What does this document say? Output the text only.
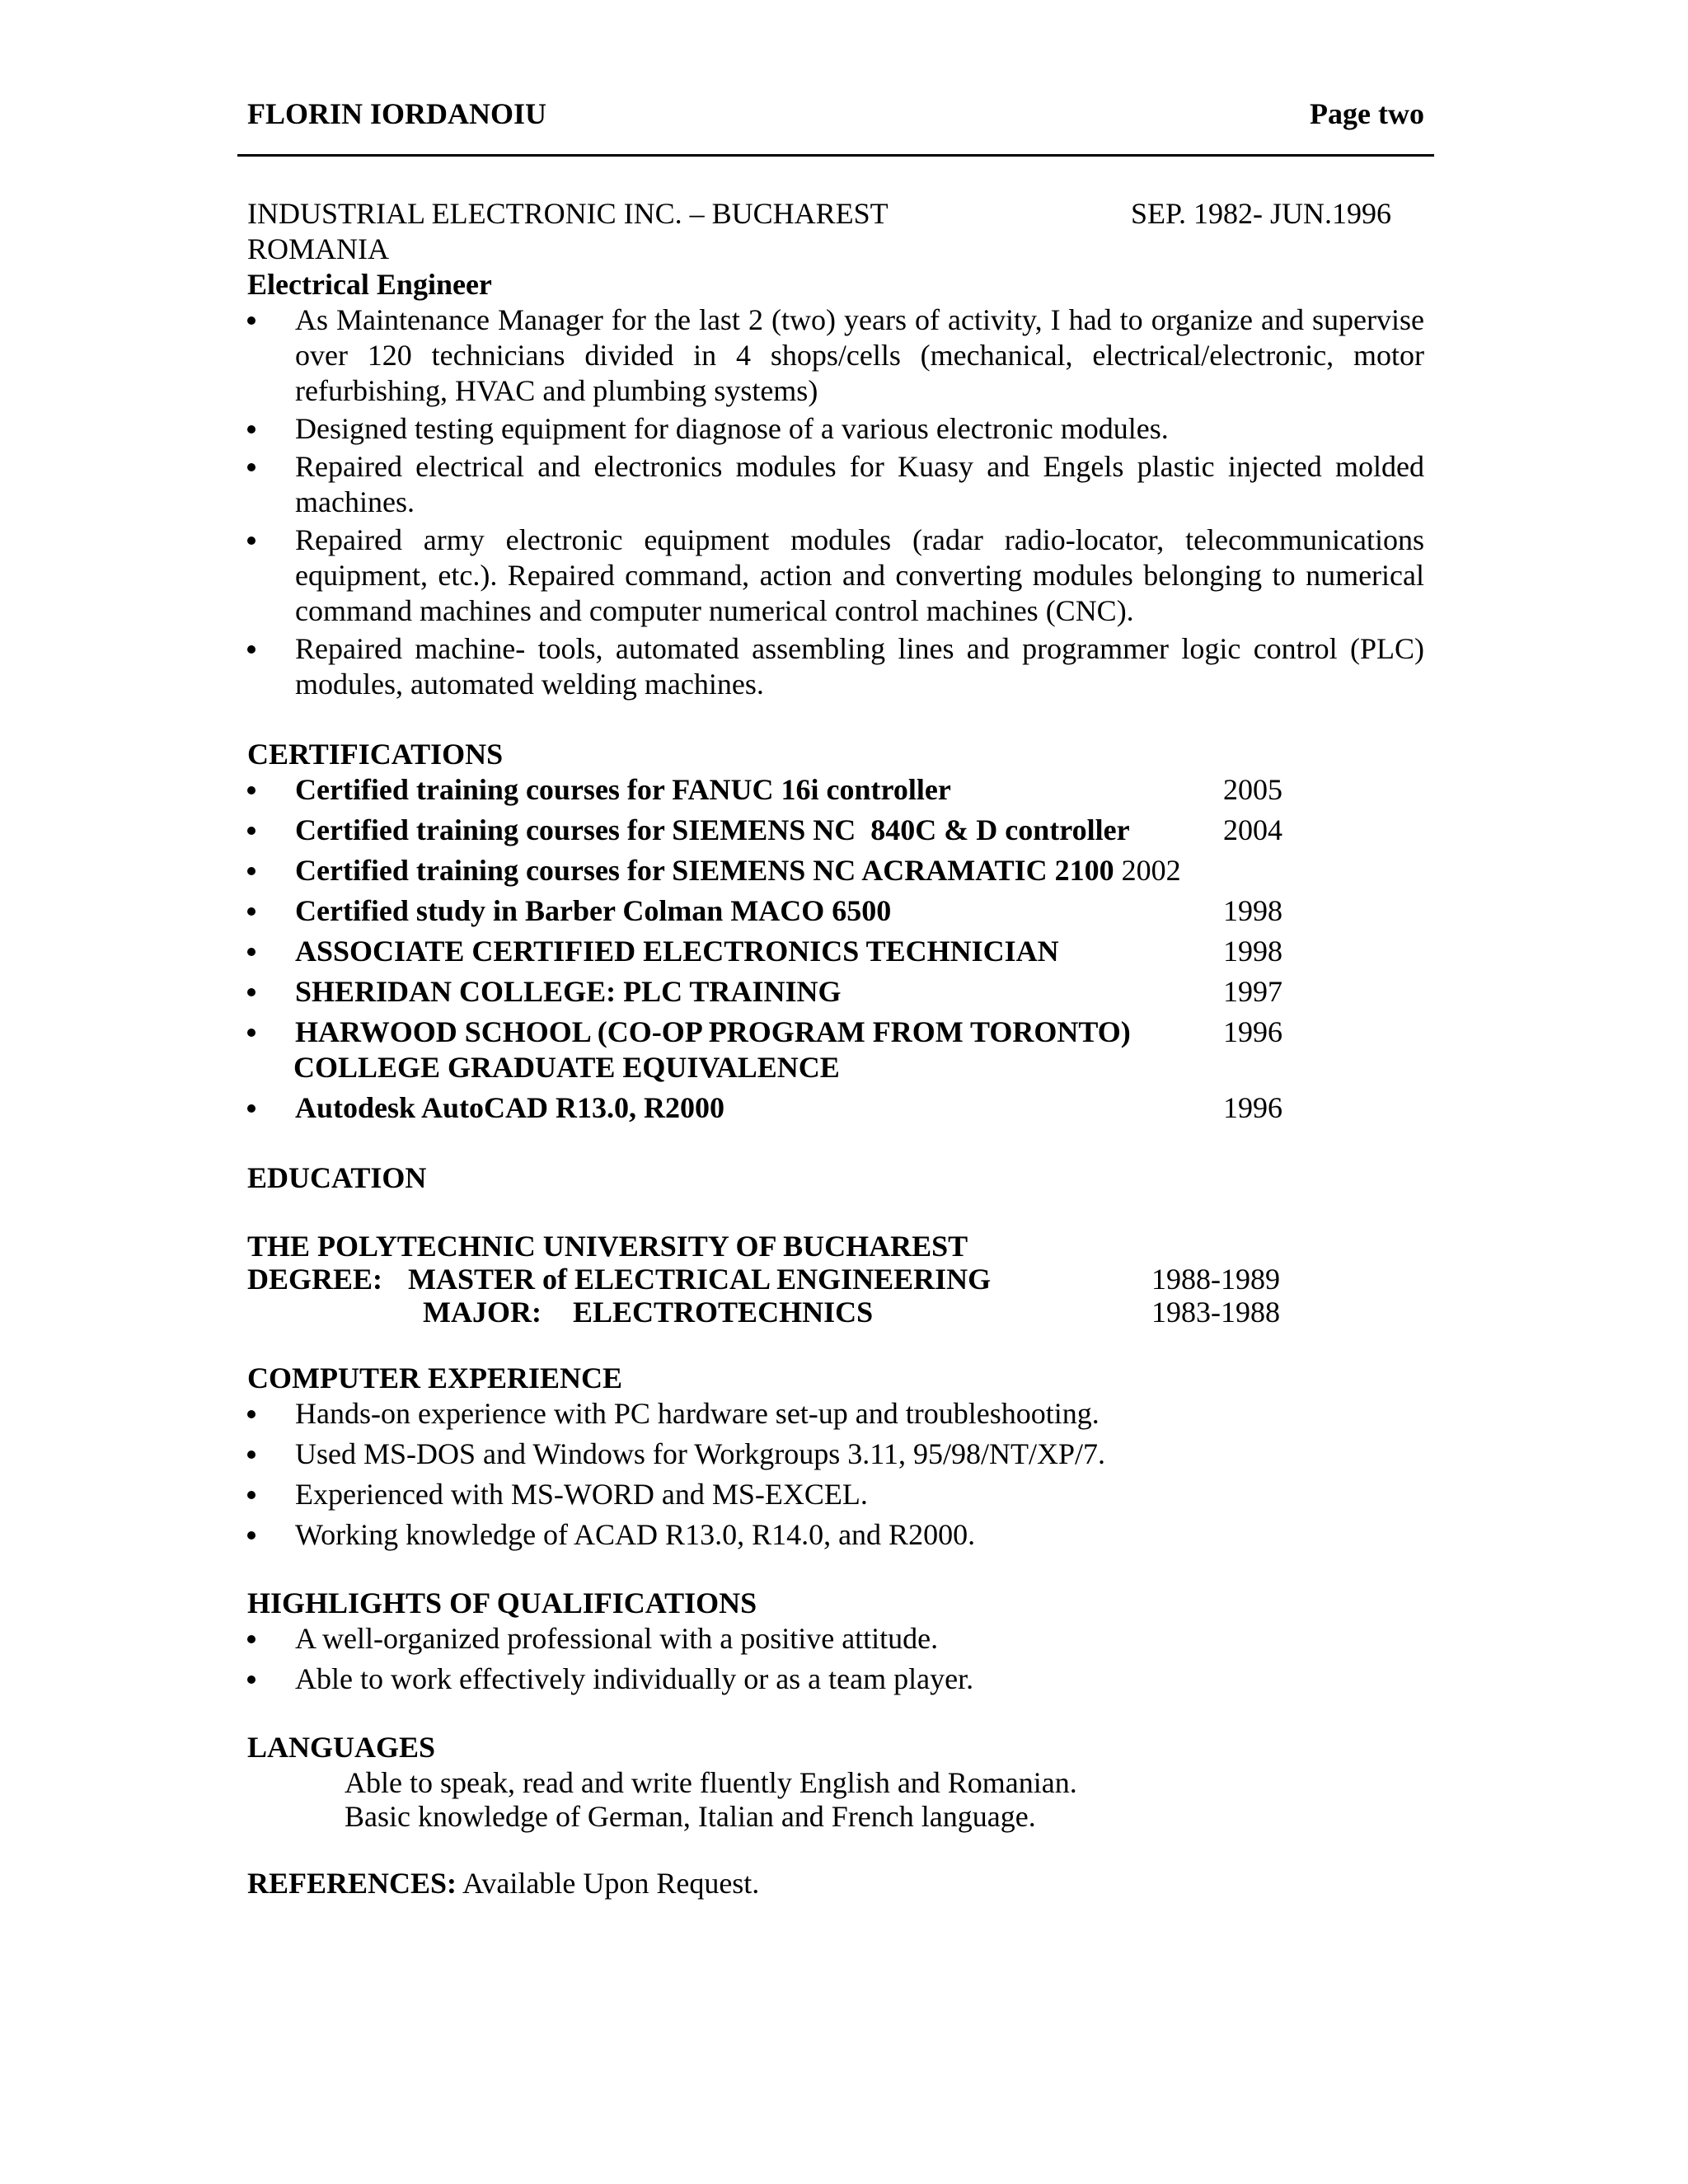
FLORIN IORDANOIU	Page two
INDUSTRIAL ELECTRONIC INC. – BUCHAREST	SEP. 1982- JUN.1996
ROMANIA
Electrical Engineer
As Maintenance Manager for the last 2 (two) years of activity, I had to organize and supervise over 120 technicians divided in 4 shops/cells (mechanical, electrical/electronic, motor refurbishing, HVAC and plumbing systems)
Designed testing equipment for diagnose of a various electronic modules.
Repaired electrical and electronics modules for Kuasy and Engels plastic injected molded machines.
Repaired army electronic equipment modules (radar radio-locator, telecommunications equipment, etc.). Repaired command, action and converting modules belonging to numerical command machines and computer numerical control machines (CNC).
Repaired machine- tools, automated assembling lines and programmer logic control (PLC) modules, automated welding machines.
CERTIFICATIONS
Certified training courses for FANUC 16i controller	2005
Certified training courses for SIEMENS NC  840C & D controller	2004
Certified training courses for SIEMENS NC ACRAMATIC 2100 2002
Certified study in Barber Colman MACO 6500	1998
ASSOCIATE CERTIFIED ELECTRONICS TECHNICIAN	1998
SHERIDAN COLLEGE: PLC TRAINING	1997
HARWOOD SCHOOL (CO-OP PROGRAM FROM TORONTO)	1996

COLLEGE GRADUATE EQUIVALENCE
Autodesk AutoCAD R13.0, R2000	1996
EDUCATION
THE POLYTECHNIC UNIVERSITY OF BUCHAREST
DEGREE: MASTER of ELECTRICAL ENGINEERING	1988-1989
MAJOR: ELECTROTECHNICS	1983-1988
COMPUTER EXPERIENCE
Hands-on experience with PC hardware set-up and troubleshooting.
Used MS-DOS and Windows for Workgroups 3.11, 95/98/NT/XP/7.
Experienced with MS-WORD and MS-EXCEL.
Working knowledge of ACAD R13.0, R14.0, and R2000.
HIGHLIGHTS OF QUALIFICATIONS
A well-organized professional with a positive attitude.
Able to work effectively individually or as a team player.
LANGUAGES
Able to speak, read and write fluently English and Romanian.
Basic knowledge of German, Italian and French language.
REFERENCES: Available Upon Request.
